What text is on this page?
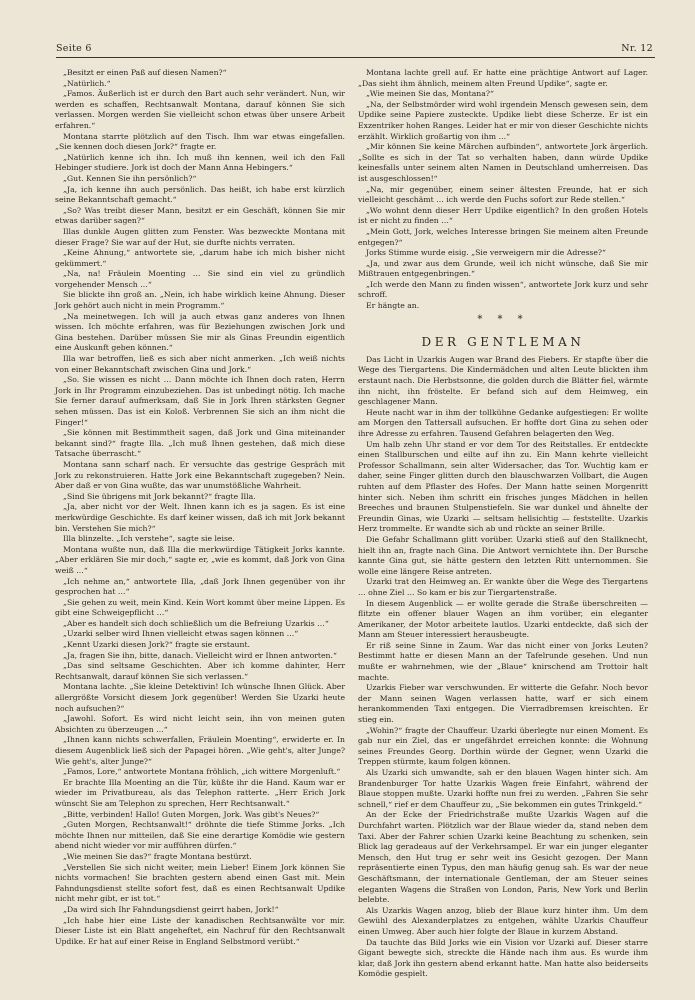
Seite 6	Nr. 12

„Besitzt er einen Paß auf diesen Namen?“

„Natürlich.“

„Famos. Äußerlich ist er durch den Bart auch sehr verändert. Nun, wir werden es schaffen, Rechtsanwalt Montana, darauf können Sie sich verlassen. Morgen werden Sie vielleicht schon etwas über unsere Arbeit erfahren.“

Montana starrte plötzlich auf den Tisch. Ihm war etwas eingefallen. „Sie kennen doch diesen Jork?“ fragte er.

„Natürlich kenne ich ihn. Ich muß ihn kennen, weil ich den Fall Hebinger studiere. Jork ist doch der Mann Anna Hebingers.“

„Gut. Kennen Sie ihn persönlich?“

„Ja, ich kenne ihn auch persönlich. Das heißt, ich habe erst kürzlich seine Bekanntschaft gemacht.“

„So? Was treibt dieser Mann, besitzt er ein Geschäft, können Sie mir etwas darüber sagen?“

Illas dunkle Augen glitten zum Fenster. Was bezweckte Montana mit dieser Frage? Sie war auf der Hut, sie durfte nichts verraten.

„Keine Ahnung,“ antwortete sie, „darum habe ich mich bisher nicht gekümmert.“

„Na, na! Fräulein Moenting … Sie sind ein viel zu gründlich vorgehender Mensch …“

Sie blickte ihn groß an. „Nein, ich habe wirklich keine Ahnung. Dieser Jork gehört auch nicht in mein Programm.“

„Na meinetwegen. Ich will ja auch etwas ganz anderes von Ihnen wissen. Ich möchte erfahren, was für Beziehungen zwischen Jork und Gina bestehen. Darüber müssen Sie mir als Ginas Freundin eigentlich eine Auskunft geben können.“

Illa war betroffen, ließ es sich aber nicht anmerken. „Ich weiß nichts von einer Bekanntschaft zwischen Gina und Jork.“

„So. Sie wissen es nicht … Dann möchte ich Ihnen doch raten, Herrn Jork in Ihr Programm einzubeziehen. Das ist unbedingt nötig. Ich mache Sie ferner darauf aufmerksam, daß Sie in Jork Ihren stärksten Gegner sehen müssen. Das ist ein Koloß. Verbrennen Sie sich an ihm nicht die Finger!“

„Sie können mit Bestimmtheit sagen, daß Jork und Gina miteinander bekannt sind?“ fragte Illa. „Ich muß Ihnen gestehen, daß mich diese Tatsache überrascht.“

Montana sann scharf nach. Er versuchte das gestrige Gespräch mit Jork zu rekonstruieren. Hatte Jork eine Bekanntschaft zugegeben? Nein. Aber daß er von Gina wußte, das war unumstößliche Wahrheit.

„Sind Sie übrigens mit Jork bekannt?“ fragte Illa.

„Ja, aber nicht vor der Welt. Ihnen kann ich es ja sagen. Es ist eine merkwürdige Geschichte. Es darf keiner wissen, daß ich mit Jork bekannt bin. Verstehen Sie mich?“

Illa blinzelte. „Ich verstehe“, sagte sie leise.

Montana wußte nun, daß Illa die merkwürdige Tätigkeit Jorks kannte. „Aber erklären Sie mir doch,“ sagte er, „wie es kommt, daß Jork von Gina weiß …“

„Ich nehme an,“ antwortete Illa, „daß Jork Ihnen gegenüber von ihr gesprochen hat …“

„Sie gehen zu weit, mein Kind. Kein Wort kommt über meine Lippen. Es gibt eine Schweigepflicht …“

„Aber es handelt sich doch schließlich um die Befreiung Uzarkis …“

„Uzarki selber wird Ihnen vielleicht etwas sagen können …“

„Kennt Uzarki diesen Jork?“ fragte sie erstaunt.

„Ja, fragen Sie ihn, bitte, danach. Vielleicht wird er Ihnen antworten.“

„Das sind seltsame Geschichten. Aber ich komme dahinter, Herr Rechtsanwalt, darauf können Sie sich verlassen.“

Montana lachte. „Sie kleine Detektivin! Ich wünsche Ihnen Glück. Aber allergrößte Vorsicht diesem Jork gegenüber! Werden Sie Uzarki heute noch aufsuchen?“

„Jawohl. Sofort. Es wird nicht leicht sein, ihn von meinen guten Absichten zu überzeugen …“

„Ihnen kann nichts schwerfallen, Fräulein Moenting“, erwiderte er. In diesem Augenblick ließ sich der Papagei hören. „Wie geht's, alter Junge? Wie geht's, alter Junge?“

„Famos, Lore,“ antwortete Montana fröhlich, „ich wittere Morgenluft.“

Er brachte Illa Moenting an die Tür, küßte ihr die Hand. Kaum war er wieder im Privatbureau, als das Telephon ratterte. „Herr Erich Jork wünscht Sie am Telephon zu sprechen, Herr Rechtsanwalt.“

„Bitte, verbinden! Hallo! Guten Morgen, Jork. Was gibt's Neues?“

„Guten Morgen, Rechtsanwalt!“ dröhnte die tiefe Stimme Jorks. „Ich möchte Ihnen nur mitteilen, daß Sie eine derartige Komödie wie gestern abend nicht wieder vor mir aufführen dürfen.“

„Wie meinen Sie das?“ fragte Montana bestürzt.

„Verstellen Sie sich nicht weiter, mein Lieber! Einem Jork können Sie nichts vormachen! Sie brachten gestern abend einen Gast mit. Mein Fahndungsdienst stellte sofort fest, daß es einen Rechtsanwalt Updike nicht mehr gibt, er ist tot.“

„Da wird sich Ihr Fahndungsdienst geirrt haben, Jork!“

„Ich habe hier eine Liste der kanadischen Rechtsanwälte vor mir. Dieser Liste ist ein Blatt angeheftet, ein Nachruf für den Rechtsanwalt Updike. Er hat auf einer Reise in England Selbstmord verübt.“

Montana lachte grell auf. Er hatte eine prächtige Antwort auf Lager. „Das sieht ihm ähnlich, meinem alten Freund Updike“, sagte er.

„Wie meinen Sie das, Montana?“

„Na, der Selbstmörder wird wohl irgendein Mensch gewesen sein, dem Updike seine Papiere zusteckte. Updike liebt diese Scherze. Er ist ein Exzentriker hohen Ranges. Leider hat er mir von dieser Geschichte nichts erzählt. Wirklich großartig von ihm …“

„Mir können Sie keine Märchen aufbinden“, antwortete Jork ärgerlich. „Sollte es sich in der Tat so verhalten haben, dann würde Updike keinesfalls unter seinem alten Namen in Deutschland umherreisen. Das ist ausgeschlossen!“

„Na, mir gegenüber, einem seiner ältesten Freunde, hat er sich vielleicht geschämt … ich werde den Fuchs sofort zur Rede stellen.“

„Wo wohnt denn dieser Herr Updike eigentlich? In den großen Hotels ist er nicht zu finden …“

„Mein Gott, Jork, welches Interesse bringen Sie meinem alten Freunde entgegen?“

Jorks Stimme wurde eisig. „Sie verweigern mir die Adresse?“

„Ja, und zwar aus dem Grunde, weil ich nicht wünsche, daß Sie mir Mißtrauen entgegenbringen.“

„Ich werde den Mann zu finden wissen“, antwortete Jork kurz und sehr schroff.

Er hängte an.

* * *
DER GENTLEMAN

Das Licht in Uzarkis Augen war Brand des Fiebers. Er stapfte über die Wege des Tiergartens. Die Kindermädchen und alten Leute blickten ihm erstaunt nach. Die Herbstsonne, die golden durch die Blätter fiel, wärmte ihn nicht, ihn fröstelte. Er befand sich auf dem Heimweg, ein geschlagener Mann.

Heute nacht war in ihm der tollkühne Gedanke aufgestiegen: Er wollte am Morgen den Tattersall aufsuchen. Er hoffte dort Gina zu sehen oder ihre Adresse zu erfahren. Tausend Gefahren belagerten den Weg.

Um halb zehn Uhr stand er vor dem Tor des Reitstalles. Er entdeckte einen Stallburschen und eilte auf ihn zu. Ein Mann kehrte vielleicht Professor Schallmann, sein alter Widersacher, das Tor. Wuchtig kam er daher, seine Finger glitten durch den blauschwarzen Vollbart, die Augen ruhten auf dem Pflaster des Hofes. Der Mann hatte seinen Morgenritt hinter sich. Neben ihm schritt ein frisches junges Mädchen in hellen Breeches und braunen Stulpenstiefeln. Sie war dunkel und ähnelte der Freundin Ginas, wie Uzarki — seltsam hellsichtig — feststellte. Uzarkis Herz trommelte. Er wandte sich ab und rückte an seiner Brille.

Die Gefahr Schallmann glitt vorüber. Uzarki stieß auf den Stallknecht, hielt ihn an, fragte nach Gina. Die Antwort vernichtete ihn. Der Bursche kannte Gina gut, sie hätte gestern den letzten Ritt unternommen. Sie wolle eine längere Reise antreten.

Uzarki trat den Heimweg an. Er wankte über die Wege des Tiergartens … ohne Ziel … So kam er bis zur Tiergartenstraße.

In diesem Augenblick — er wollte gerade die Straße überschreiten — flitzte ein offener blauer Wagen an ihm vorüber, ein eleganter Amerikaner, der Motor arbeitete lautlos. Uzarki entdeckte, daß sich der Mann am Steuer interessiert herausbeugte.

Er riß seine Sinne in Zaum. War das nicht einer von Jorks Leuten? Bestimmt hatte er diesen Mann an der Tafelrunde gesehen. Und nun mußte er wahrnehmen, wie der „Blaue“ knirschend am Trottoir halt machte.

Uzarkis Fieber war verschwunden. Er witterte die Gefahr. Noch bevor der Mann seinen Wagen verlassen hatte, warf er sich einem herankommenden Taxi entgegen. Die Vierradbremsen kreischten. Er stieg ein.

„Wohin?“ fragte der Chauffeur. Uzarki überlegte nur einen Moment. Es gab nur ein Ziel, das er ungefährdet erreichen konnte: die Wohnung seines Freundes Georg. Dorthin würde der Gegner, wenn Uzarki die Treppen stürmte, kaum folgen können.

Als Uzarki sich umwandte, sah er den blauen Wagen hinter sich. Am Brandenburger Tor hatte Uzarkis Wagen freie Einfahrt, während der Blaue stoppen mußte. Uzarki hoffte nun frei zu werden. „Fahren Sie sehr schnell,“ rief er dem Chauffeur zu, „Sie bekommen ein gutes Trinkgeld.“

An der Ecke der Friedrichstraße mußte Uzarkis Wagen auf die Durchfahrt warten. Plötzlich war der Blaue wieder da, stand neben dem Taxi. Aber der Fahrer schien Uzarki keine Beachtung zu schenken, sein Blick lag geradeaus auf der Verkehrsampel. Er war ein junger eleganter Mensch, den Hut trug er sehr weit ins Gesicht gezogen. Der Mann repräsentierte einen Typus, den man häufig genug sah. Es war der neue Geschäftsmann, der internationale Gentleman, der am Steuer seines eleganten Wagens die Straßen von London, Paris, New York und Berlin belebte.

Als Uzarkis Wagen anzog, blieb der Blaue kurz hinter ihm. Um dem Gewühl des Alexanderplatzes zu entgehen, wählte Uzarkis Chauffeur einen Umweg. Aber auch hier folgte der Blaue in kurzem Abstand.

Da tauchte das Bild Jorks wie ein Vision vor Uzarki auf. Dieser starre Gigant bewegte sich, streckte die Hände nach ihm aus. Es wurde ihm klar, daß Jork ihn gestern abend erkannt hatte. Man hatte also beiderseits Komödie gespielt.
